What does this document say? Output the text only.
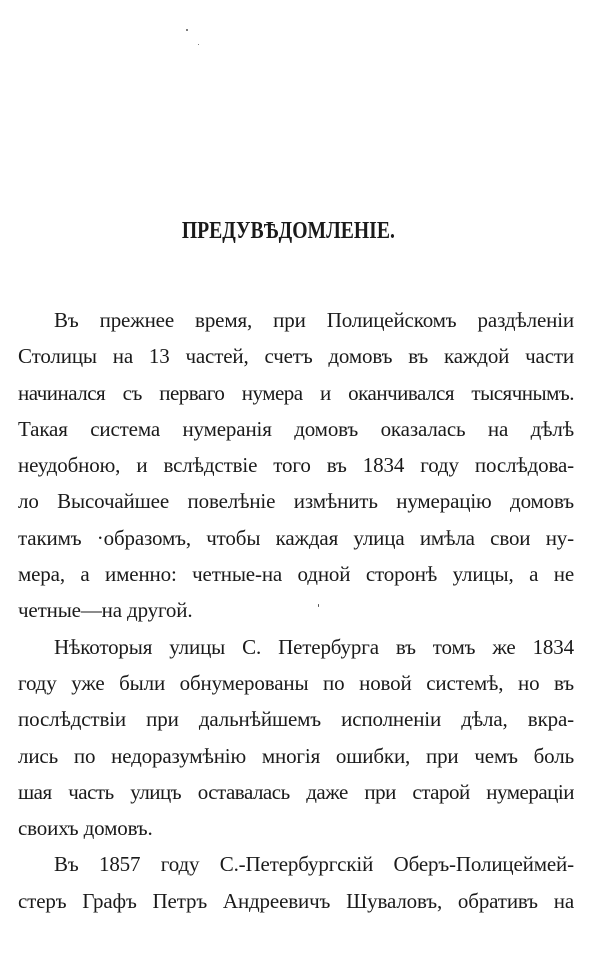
ПРЕДУВѢДОМЛЕНІЕ.
Въ прежнее время, при Полицейскомъ раздѣленіи
Столицы на 13 частей, счетъ домовъ въ каждой части
начинался съ перваго нумера и оканчивался тысячнымъ.
Такая система нумеранія домовъ оказалась на дѣлѣ
неудобною, и вслѣдствіе того въ 1834 году послѣдова-
ло Высочайшее повелѣніе измѣнить нумерацію домовъ
такимъ ·образомъ, чтобы каждая улица имѣла свои ну-
мера, а именно: четные-на одной сторонѣ улицы, а не
четные—на другой.
Нѣкоторыя улицы С. Петербурга въ томъ же 1834
году уже были обнумерованы по новой системѣ, но въ
послѣдствіи при дальнѣйшемъ исполненіи дѣла, вкра-
лись по недоразумѣнію многія ошибки, при чемъ боль
шая часть улицъ оставалась даже при старой нумераціи
своихъ домовъ.
Въ 1857 году С.-Петербургскій Оберъ-Полицеймей-
стеръ Графъ Петръ Андреевичъ Шуваловъ, обративъ на
